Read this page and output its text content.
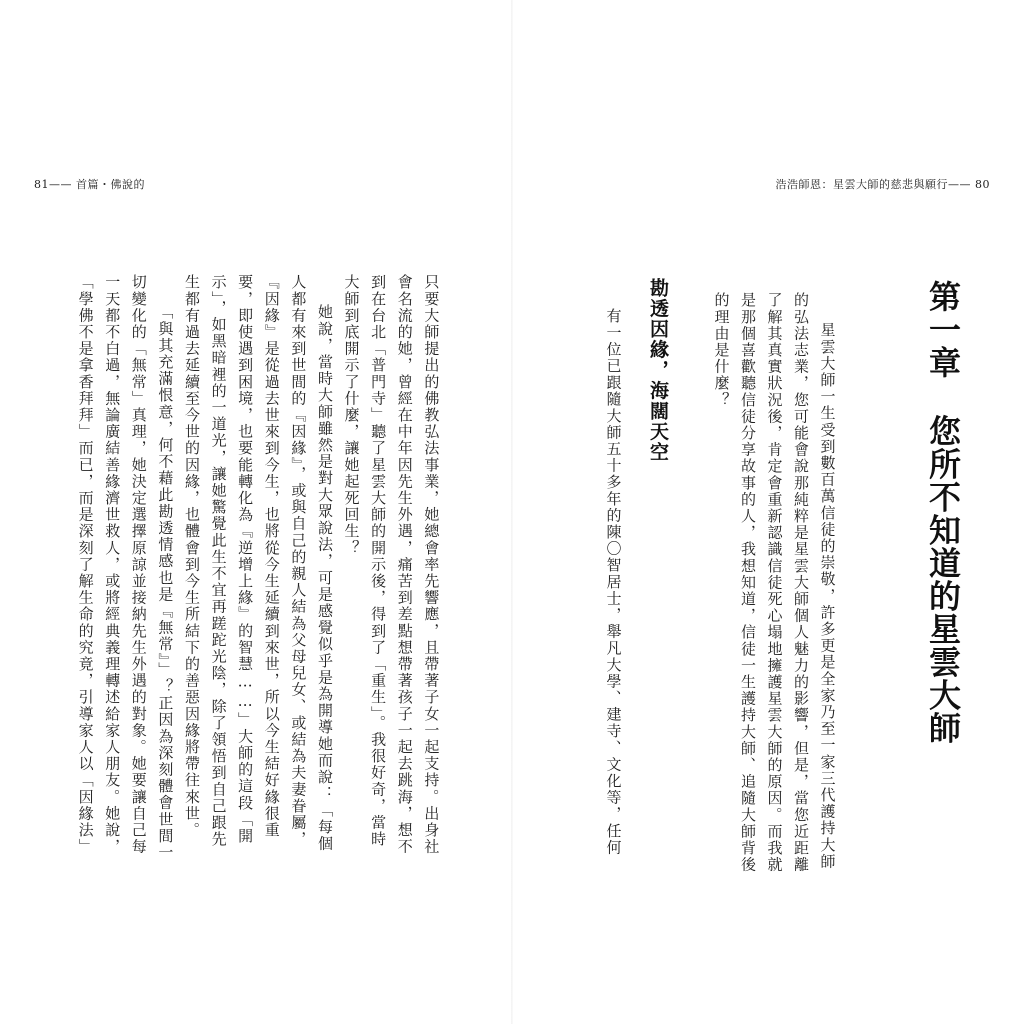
81—— 首篇・佛說的
只要大師提出的佛教弘法事業，她總會率先響應，且帶著子女一起支持。出身社
會名流的她，曾經在中年因先生外遇，痛苦到差點想帶著孩子一起去跳海，想不
到在台北「普門寺」聽了星雲大師的開示後，得到了「重生」。我很好奇，當時
大師到底開示了什麼，讓她起死回生？
她說，當時大師雖然是對大眾說法，可是感覺似乎是為開導她而說：「每個
人都有來到世間的『因緣』，或與自己的親人結為父母兒女、或結為夫妻眷屬，
『因緣』是從過去世來到今生，也將從今生延續到來世，所以今生結好緣很重
要，即使遇到困境，也要能轉化為『逆增上緣』的智慧……」大師的這段「開
示」，如黑暗裡的一道光，讓她驚覺此生不宜再蹉跎光陰，除了領悟到自己跟先
生都有過去延續至今世的因緣，也體會到今生所結下的善惡因緣將帶往來世。
「與其充滿恨意，何不藉此勘透情感也是『無常』」？正因為深刻體會世間一
切變化的「無常」真理，她決定選擇原諒並接納先生外遇的對象。她要讓自己每
一天都不白過，無論廣結善緣濟世救人，或將經典義理轉述給家人朋友。她說，
「學佛不是拿香拜拜」而已，而是深刻了解生命的究竟，引導家人以「因緣法」
浩浩師恩：星雲大師的慈悲與願行—— 80
第一章您所不知道的星雲大師
星雲大師一生受到數百萬信徒的崇敬，許多更是全家乃至一家三代護持大師
的弘法志業，您可能會說那純粹是星雲大師個人魅力的影響，但是，當您近距離
了解其真實狀況後，肯定會重新認識信徒死心塌地擁護星雲大師的原因。而我就
是那個喜歡聽信徒分享故事的人，我想知道，信徒一生護持大師、追隨大師背後
的理由是什麼？
勘透因緣，海闊天空
有一位已跟隨大師五十多年的陳〇智居士，舉凡大學、建寺、文化等，任何
